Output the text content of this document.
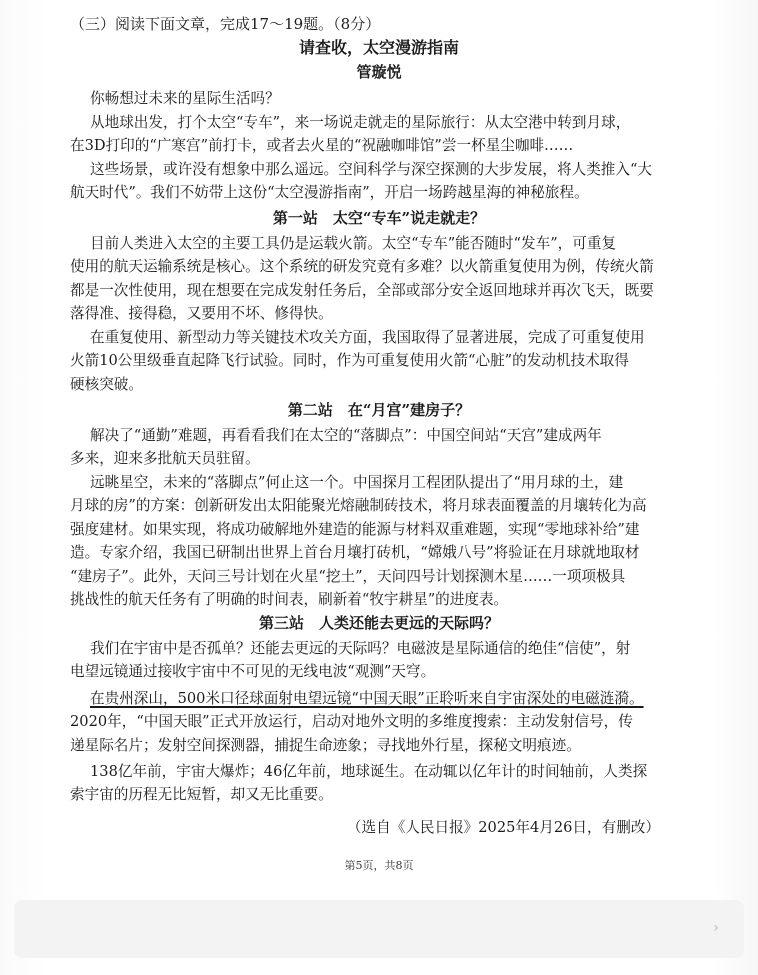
（三）阅读下面文章，完成17～19题。（8分）
请查收，太空漫游指南
管璇悦

你畅想过未来的星际生活吗？

从地球出发，打个太空“专车”，来一场说走就走的星际旅行：从太空港中转到月球，

在3D打印的“广寒宫”前打卡，或者去火星的“祝融咖啡馆”尝一杯星尘咖啡……

这些场景，或许没有想象中那么遥远。空间科学与深空探测的大步发展，将人类推入“大

航天时代”。我们不妨带上这份“太空漫游指南”，开启一场跨越星海的神秘旅程。

第一站　太空“专车”说走就走？

目前人类进入太空的主要工具仍是运载火箭。太空“专车”能否随时“发车”，可重复

使用的航天运输系统是核心。这个系统的研发究竟有多难？以火箭重复使用为例，传统火箭

都是一次性使用，现在想要在完成发射任务后，全部或部分安全返回地球并再次飞天，既要

落得准、接得稳，又要用不坏、修得快。

在重复使用、新型动力等关键技术攻关方面，我国取得了显著进展，完成了可重复使用

火箭10公里级垂直起降飞行试验。同时，作为可重复使用火箭“心脏”的发动机技术取得

硬核突破。

第二站　在“月宫”建房子？

解决了“通勤”难题，再看看我们在太空的“落脚点”：中国空间站“天宫”建成两年

多来，迎来多批航天员驻留。

远眺星空，未来的“落脚点”何止这一个。中国探月工程团队提出了“用月球的土，建

月球的房”的方案：创新研发出太阳能聚光熔融制砖技术，将月球表面覆盖的月壤转化为高

强度建材。如果实现，将成功破解地外建造的能源与材料双重难题，实现“零地球补给”建

造。专家介绍，我国已研制出世界上首台月壤打砖机，“嫦娥八号”将验证在月球就地取材

“建房子”。此外，天问三号计划在火星“挖土”，天问四号计划探测木星……一项项极具

挑战性的航天任务有了明确的时间表，刷新着“牧宇耕星”的进度表。

第三站　人类还能去更远的天际吗？

我们在宇宙中是否孤单？还能去更远的天际吗？电磁波是星际通信的绝佳“信使”，射

电望远镜通过接收宇宙中不可见的无线电波“观测”天穹。

在贵州深山，500米口径球面射电望远镜“中国天眼”正聆听来自宇宙深处的电磁涟漪。

2020年，“中国天眼”正式开放运行，启动对地外文明的多维度搜索：主动发射信号，传

递星际名片；发射空间探测器，捕捉生命迹象；寻找地外行星，探秘文明痕迹。

138亿年前，宇宙大爆炸；46亿年前，地球诞生。在动辄以亿年计的时间轴前，人类探

索宇宙的历程无比短暂，却又无比重要。

（选自《人民日报》2025年4月26日，有删改）
第5页，共8页
›
